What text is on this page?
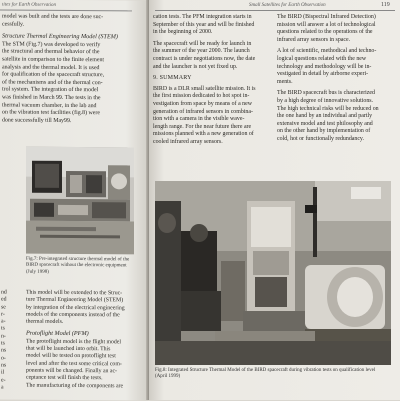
tites for Earth Observation

model was built and the tests are done suc-
cessfully.

Structure Thermal Engineering Model (STEM)

The STM (Fig.7) was developed to verify
the structural and thermal behavior of the
satellite in comparison to the finite element
analysis and the thermal model. It is used
for qualification of the spacecraft structure,
of the mechanisms and of the thermal con-
trol system. The integration of the model
was finished in March 99. The tests in the
thermal vacuum chamber, in the lab and
on the vibration test facilities (fig.8) were
done successfully till May99.

Fig.7: Pre-integrated structure thermal model of the
BIRD spacecraft without the electronic equipment
(July 1998)

This model will be extended to the Struc-
ture Thermal Engineering Model (STEM)
by integration of the electrical engineering
models of the components instead of the
thermal models.

Protoflight Model (PFM)

The protoflight model is the flight model
that will be launched into orbit. This
model will be tested on protoflight test
level and after the test some critical com-
ponents will be changed. Finally an ac-
ceptance test will finish the tests.
The manufacturing of the components are

nd
ed
se
r-
a-
ts
n-
ts
ns
o-
ns
il
e-
a
Small Satellites for Earth Observation	119

cation tests. The PFM integration starts in
September of this year and will be finished
in the beginning of 2000.

The spacecraft will be ready for launch in
the summer of the year 2000. The launch
contract is under negotiations now, the date
and the launcher is not yet fixed up.

9. SUMMARY

BIRD is a DLR small satellite mission. It is
the first mission dedicated to hot spot in-
vestigation from space by means of a new
generation of infrared sensors in combina-
tion with a camera in the visible wave-
length range. For the near future there are
missions planned with a new generation of
cooled infrared array sensors.

The BIRD (Bispectral Infrared Detection)
mission will answer a lot of technological
questions related to the operations of the
infrared array sensors in space.

A lot of scientific, methodical and techno-
logical questions related with the new
technology and methodology will be in-
vestigated in detail by airborne experi-
ments.

The BIRD spacecraft bus is characterized
by a high degree of innovative solutions.
The high technical risks will be reduced on
the one hand by an individual and partly
extensive model and test philosophy and
on the other hand by implementation of
cold, hot or functionally redundancy.

Fig.8: Integrated Structure Thermal Model of the BIRD spacecraft during vibration tests on qualification level
(April 1999)
